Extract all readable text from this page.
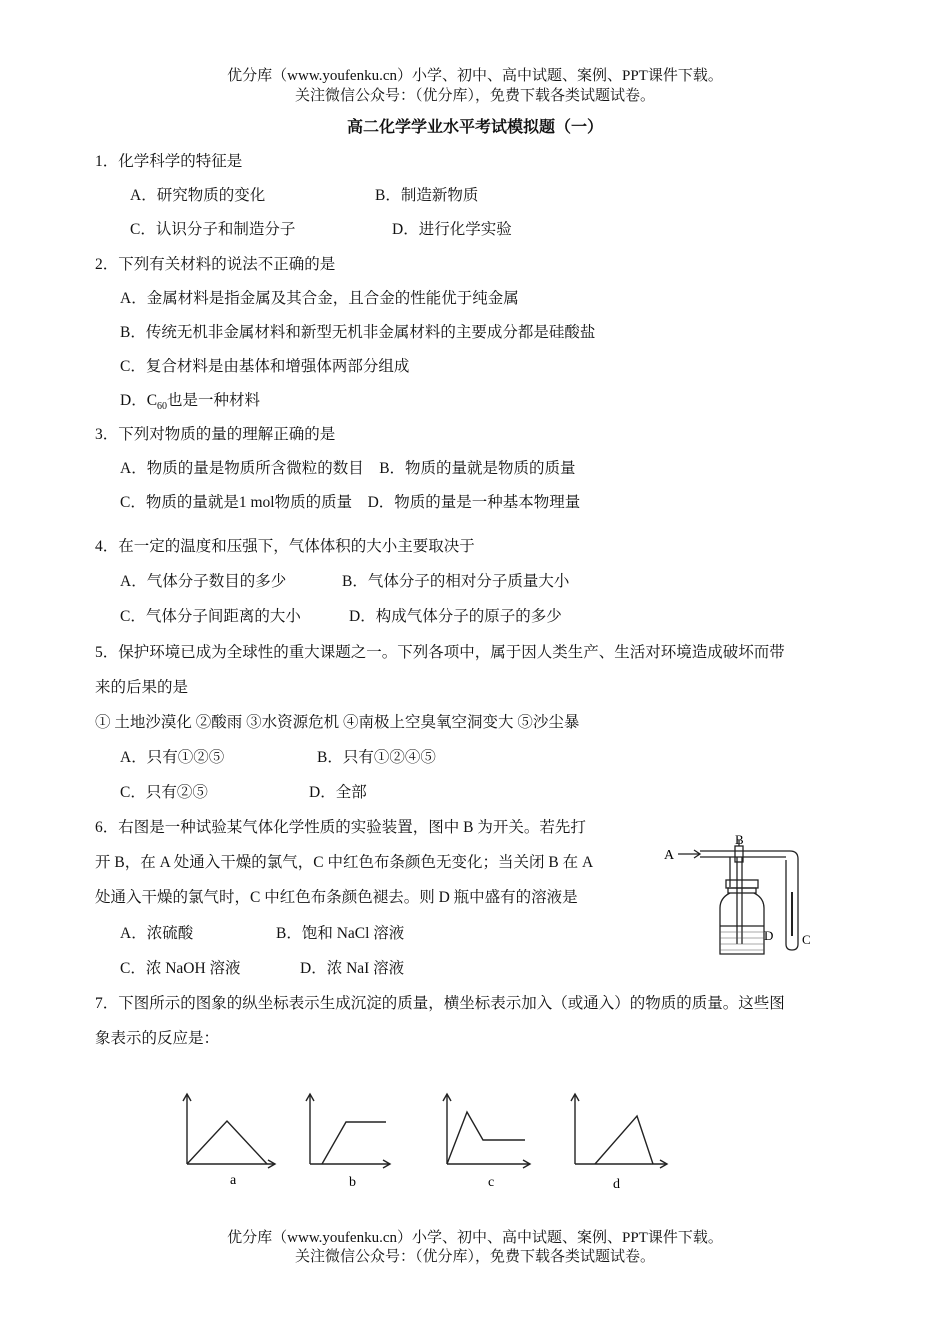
优分库（www.youfenku.cn）小学、初中、高中试题、案例、PPT课件下载。
关注微信公众号：（优分库），免费下载各类试题试卷。
高二化学学业水平考试模拟题（一）
1．化学科学的特征是
A．研究物质的变化	B．制造新物质
C．认识分子和制造分子	D．进行化学实验
2．下列有关材料的说法不正确的是
A．金属材料是指金属及其合金，且合金的性能优于纯金属
B．传统无机非金属材料和新型无机非金属材料的主要成分都是硅酸盐
C．复合材料是由基体和增强体两部分组成
D．$C_{60}$也是一种材料
3．下列对物质的量的理解正确的是
A．物质的量是物质所含微粒的数目　B．物质的量就是物质的质量
C．物质的量就是1 mol物质的质量　D．物质的量是一种基本物理量
4．在一定的温度和压强下，气体体积的大小主要取决于
A．气体分子数目的多少	B．气体分子的相对分子质量大小
C．气体分子间距离的大小	D．构成气体分子的原子的多少
5．保护环境已成为全球性的重大课题之一。下列各项中，属于因人类生产、生活对环境造成破坏而带
来的后果的是
① 土地沙漠化 ②酸雨 ③水资源危机 ④南极上空臭氧空洞变大 ⑤沙尘暴
A．只有①②⑤	B．只有①②④⑤
C．只有②⑤	D．全部
6．右图是一种试验某气体化学性质的实验装置，图中 B 为开关。若先打
开 B，在 A 处通入干燥的氯气，C 中红色布条颜色无变化；当关闭 B 在 A
处通入干燥的氯气时，C 中红色布条颜色褪去。则 D 瓶中盛有的溶液是
A．浓硫酸	B．饱和 NaCl 溶液
C．浓 NaOH 溶液	D．浓 NaI 溶液
A
B
D C
7．下图所示的图象的纵坐标表示生成沉淀的质量，横坐标表示加入（或通入）的物质的质量。这些图
象表示的反应是：
a	b	c	d
优分库（www.youfenku.cn）小学、初中、高中试题、案例、PPT课件下载。
关注微信公众号：（优分库），免费下载各类试题试卷。
